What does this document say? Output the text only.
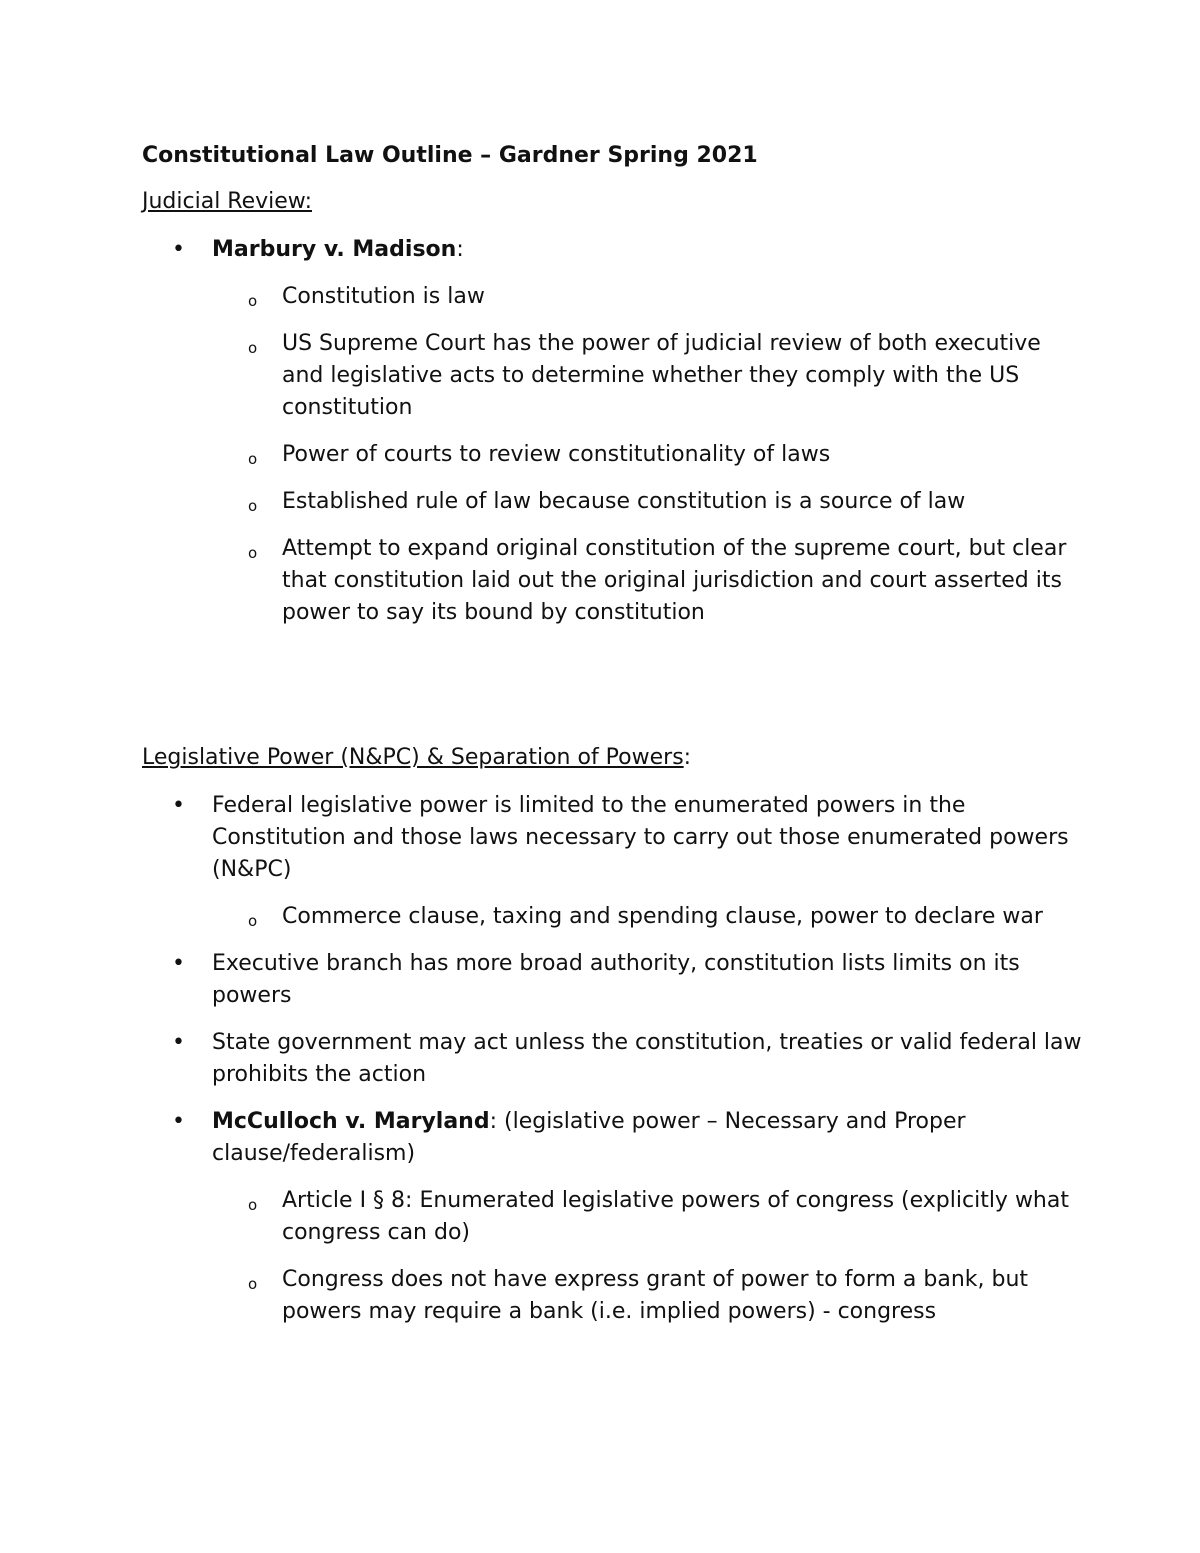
Constitutional Law Outline – Gardner Spring 2021
Judicial Review:
• Marbury v. Madison:
o Constitution is law
o US Supreme Court has the power of judicial review of both executive and legislative acts to determine whether they comply with the US constitution
o Power of courts to review constitutionality of laws
o Established rule of law because constitution is a source of law
o Attempt to expand original constitution of the supreme court, but clear that constitution laid out the original jurisdiction and court asserted its power to say its bound by constitution
Legislative Power (N&PC) & Separation of Powers:
• Federal legislative power is limited to the enumerated powers in the Constitution and those laws necessary to carry out those enumerated powers (N&PC)
o Commerce clause, taxing and spending clause, power to declare war
• Executive branch has more broad authority, constitution lists limits on its powers
• State government may act unless the constitution, treaties or valid federal law prohibits the action
• McCulloch v. Maryland: (legislative power – Necessary and Proper clause/federalism)
o Article I § 8: Enumerated legislative powers of congress (explicitly what congress can do)
o Congress does not have express grant of power to form a bank, but powers may require a bank (i.e. implied powers) - congress
